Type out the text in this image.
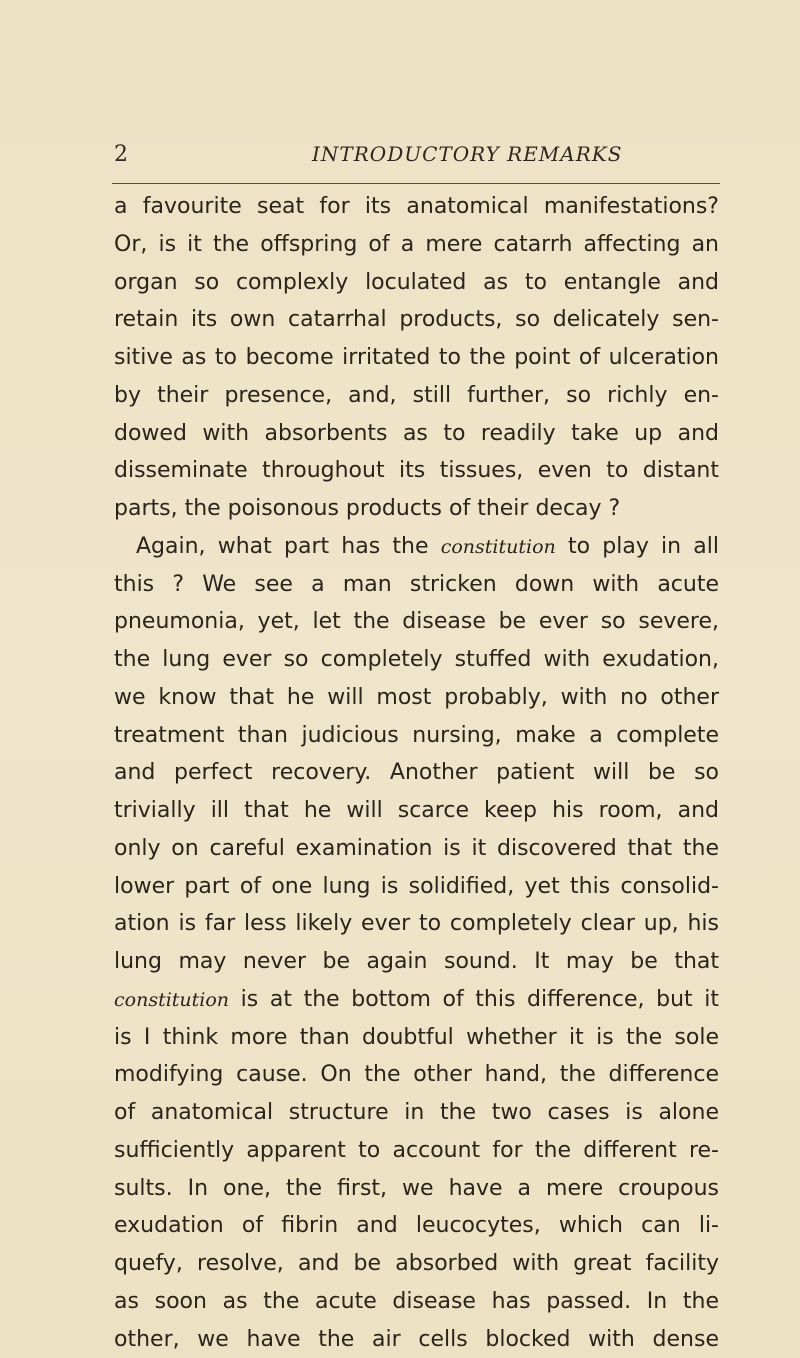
2	INTRODUCTORY REMARKS
a favourite seat for its anatomical manifestations?
Or, is it the offspring of a mere catarrh affecting an
organ so complexly loculated as to entangle and
retain its own catarrhal products, so delicately sen-
sitive as to become irritated to the point of ulceration
by their presence, and, still further, so richly en-
dowed with absorbents as to readily take up and
disseminate throughout its tissues, even to distant
parts, the poisonous products of their decay ?
Again, what part has the constitution to play in all
this ? We see a man stricken down with acute
pneumonia, yet, let the disease be ever so severe,
the lung ever so completely stuffed with exudation,
we know that he will most probably, with no other
treatment than judicious nursing, make a complete
and perfect recovery. Another patient will be so
trivially ill that he will scarce keep his room, and
only on careful examination is it discovered that the
lower part of one lung is solidified, yet this consolid-
ation is far less likely ever to completely clear up, his
lung may never be again sound. It may be that
constitution is at the bottom of this difference, but it
is I think more than doubtful whether it is the sole
modifying cause. On the other hand, the difference
of anatomical structure in the two cases is alone
sufficiently apparent to account for the different re-
sults. In one, the first, we have a mere croupous
exudation of fibrin and leucocytes, which can li-
quefy, resolve, and be absorbed with great facility
as soon as the acute disease has passed. In the
other, we have the air cells blocked with dense
